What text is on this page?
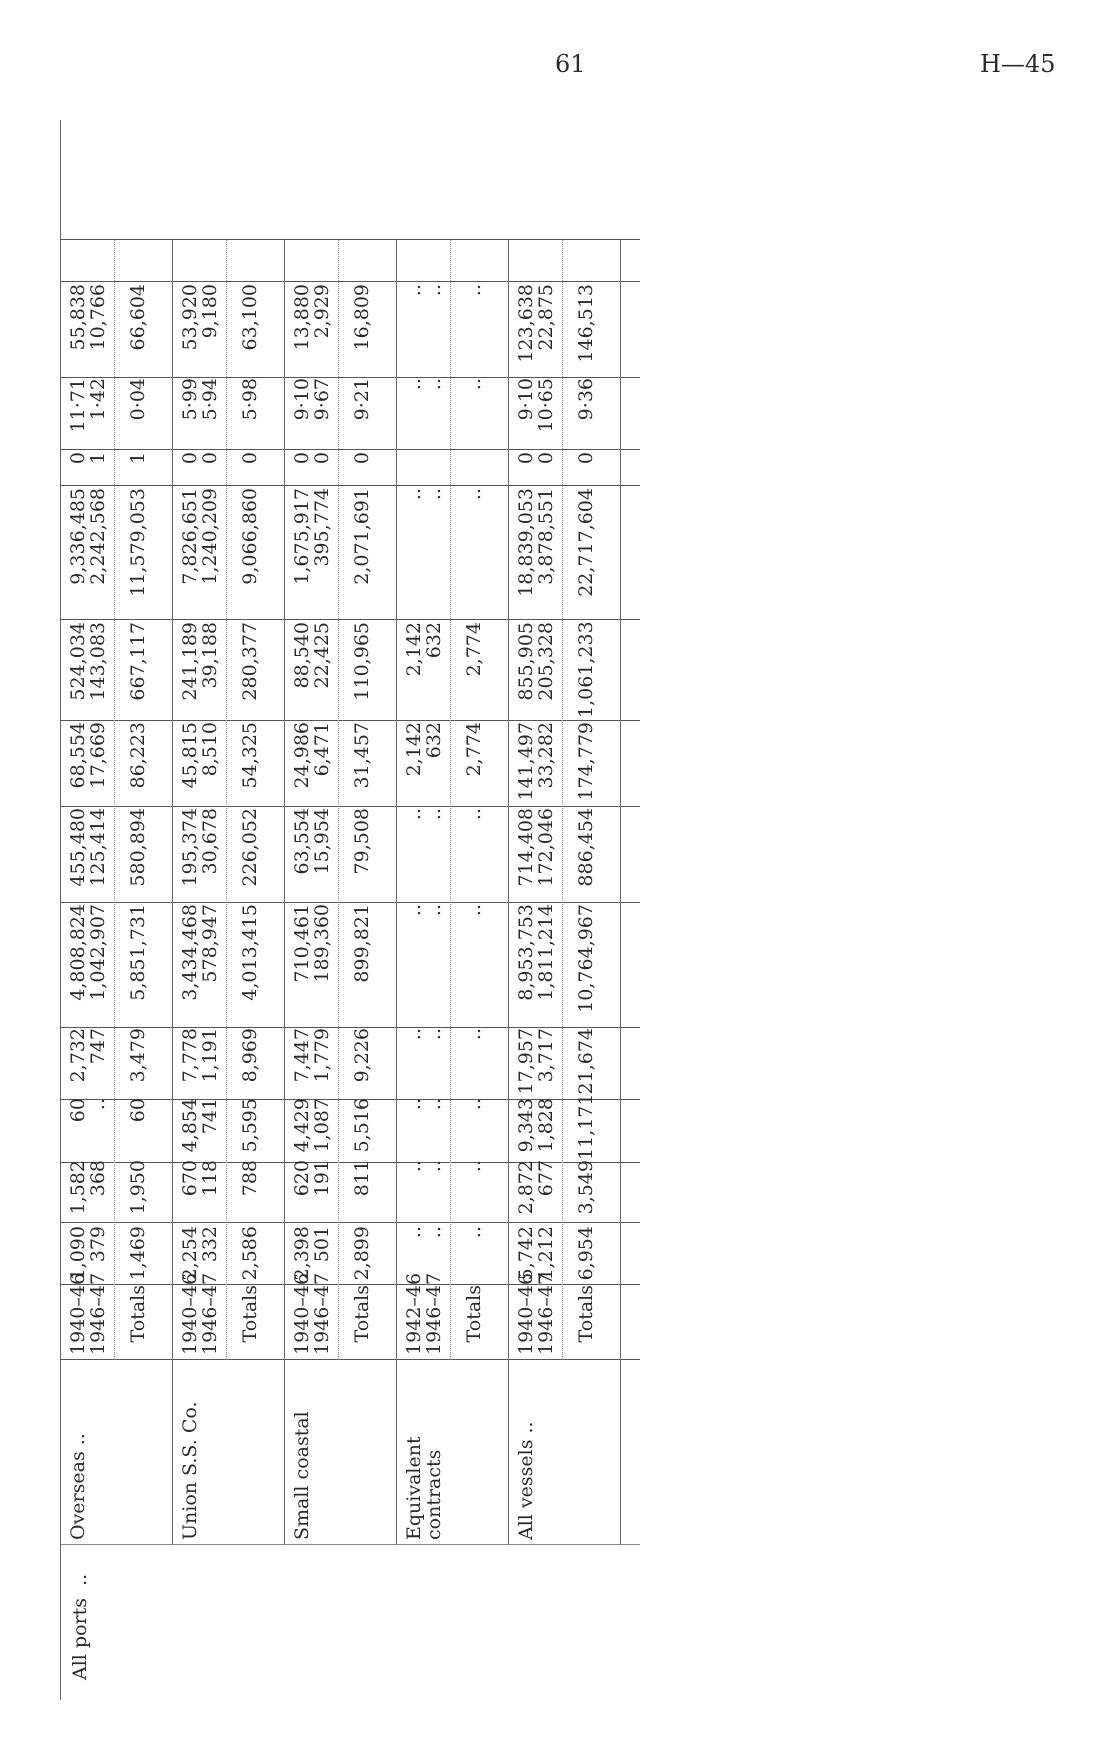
61	H—45
All ports  ..
Overseas ..
1940–46
1946–47
1,090
379
1,582
368
60
..
2,732
747
4,808,824
1,042,907
455,480
125,414
68,554
17,669
524,034
143,083
9,336,485
2,242,568
0
1
11·71
1·42
55,838
10,766
Totals
1,469
1,950
60
3,479
5,851,731
580,894
86,223
667,117
11,579,053
1
0·04
66,604
Union S.S. Co.
1940–46
1946–47
2,254
332
670
118
4,854
741
7,778
1,191
3,434,468
578,947
195,374
30,678
45,815
8,510
241,189
39,188
7,826,651
1,240,209
0
0
5·99
5·94
53,920
9,180
Totals
2,586
788
5,595
8,969
4,013,415
226,052
54,325
280,377
9,066,860
0
5·98
63,100
Small coastal
1940–46
1946–47
2,398
501
620
191
4,429
1,087
7,447
1,779
710,461
189,360
63,554
15,954
24,986
6,471
88,540
22,425
1,675,917
395,774
0
0
9·10
9·67
13,880
2,929
Totals
2,899
811
5,516
9,226
899,821
79,508
31,457
110,965
2,071,691
0
9·21
16,809
Equivalent contracts
1942–46
1946–47
..
..
..
..
..
..
..
..
..
..
..
..
2,142
632
2,142
632
..
..

..
..
..
..
Totals
..
..
..
..
..
..
2,774
2,774
..
..
..
All vessels ..
1940–46
1946–47
5,742
1,212
2,872
677
9,343
1,828
17,957
3,717
8,953,753
1,811,214
714,408
172,046
141,497
33,282
855,905
205,328
18,839,053
3,878,551
0
0
9·10
10·65
123,638
22,875
Totals
6,954
3,549
11,171
21,674
10,764,967
886,454
174,779
1,061,233
22,717,604
0
9·36
146,513
